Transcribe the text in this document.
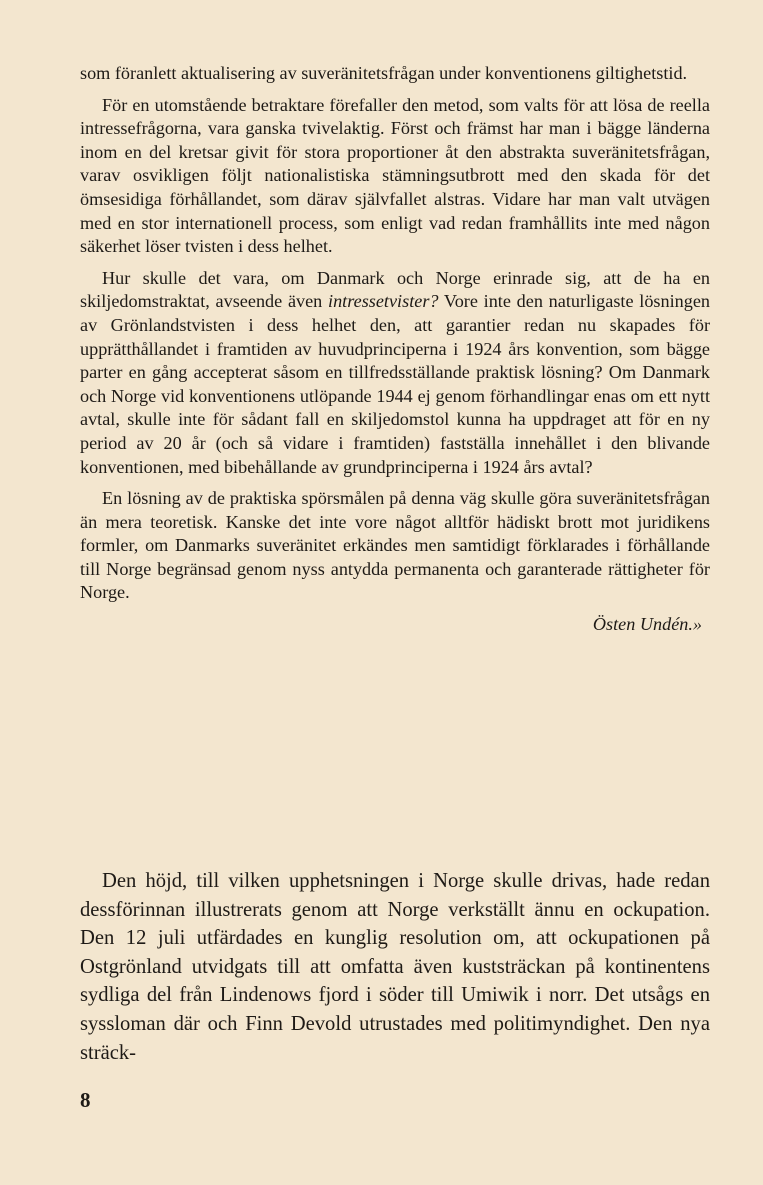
som föranlett aktualisering av suveränitetsfrågan under konventionens giltighetstid.

För en utomstående betraktare förefaller den metod, som valts för att lösa de reella intressefrågorna, vara ganska tvivelaktig. Först och främst har man i bägge länderna inom en del kretsar givit för stora proportioner åt den abstrakta suveränitetsfrågan, varav osvikligen följt nationalistiska stämningsutbrott med den skada för det ömsesidiga förhållandet, som därav självfallet alstras. Vidare har man valt utvägen med en stor internationell process, som enligt vad redan framhållits inte med någon säkerhet löser tvisten i dess helhet.

Hur skulle det vara, om Danmark och Norge erinrade sig, att de ha en skiljedomstraktat, avseende även intressetvister? Vore inte den naturligaste lösningen av Grönlandstvisten i dess helhet den, att garantier redan nu skapades för upprätthållandet i framtiden av huvudprinciperna i 1924 års konvention, som bägge parter en gång accepterat såsom en tillfredsställande praktisk lösning? Om Danmark och Norge vid konventionens utlöpande 1944 ej genom förhandlingar enas om ett nytt avtal, skulle inte för sådant fall en skiljedomstol kunna ha uppdraget att för en ny period av 20 år (och så vidare i framtiden) fastställa innehållet i den blivande konventionen, med bibehållande av grundprinciperna i 1924 års avtal?

En lösning av de praktiska spörsmålen på denna väg skulle göra suveränitetsfrågan än mera teoretisk. Kanske det inte vore något alltför hädiskt brott mot juridikens formler, om Danmarks suveränitet erkändes men samtidigt förklarades i förhållande till Norge begränsad genom nyss antydda permanenta och garanterade rättigheter för Norge.

Östen Undén.»

Den höjd, till vilken upphetsningen i Norge skulle drivas, hade redan dessförinnan illustrerats genom att Norge verkställt ännu en ockupation. Den 12 juli utfärdades en kunglig resolution om, att ockupationen på Ostgrönland utvidgats till att omfatta även kuststräckan på kontinentens sydliga del från Lindenows fjord i söder till Umiwik i norr. Det utsågs en syssloman där och Finn Devold utrustades med politimyndighet. Den nya sträck-

8
